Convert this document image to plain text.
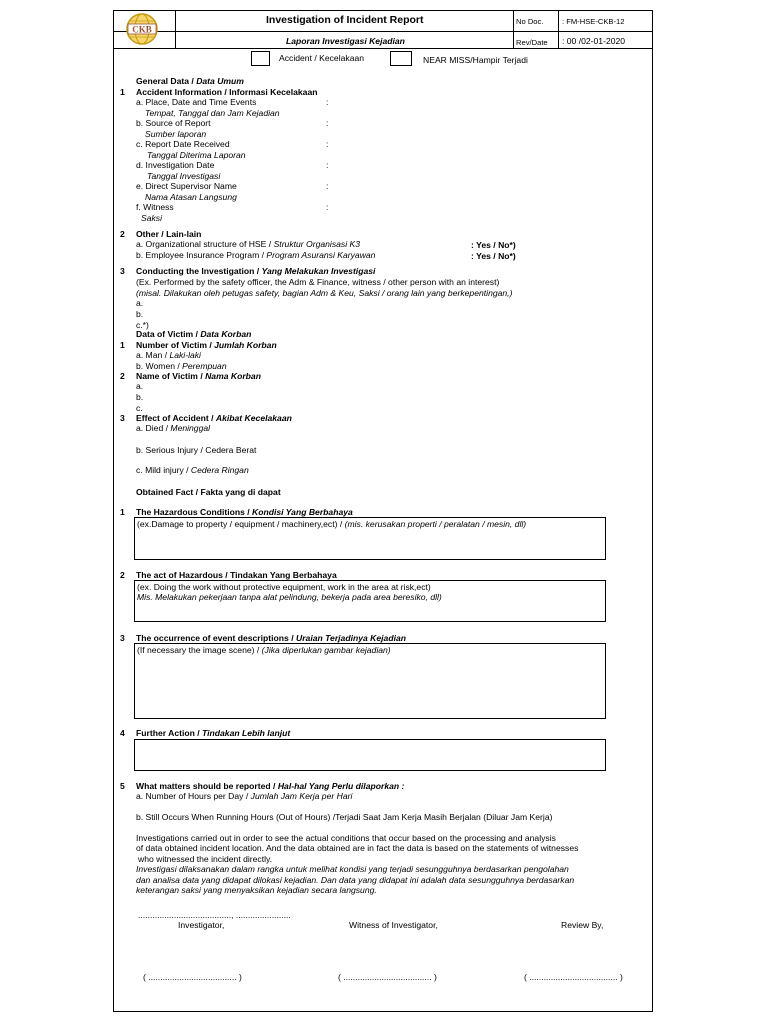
CKB
Investigation of Incident Report
Laporan Investigasi Kejadian
No Doc. : FM-HSE-CKB-12
Rev/Date : 00 /02-01-2020
Accident / Kecelakaan	NEAR MISS/Hampir Terjadi
General Data / Data Umum
1 Accident Information / Informasi Kecelakaan
a. Place, Date and Time Events	:
Tempat, Tanggal dan Jam Kejadian
b. Source of Report	:
Sumber laporan
c. Report Date Received	:
Tanggal Diterima Laporan
d. Investigation Date	:
Tanggal Investigasi
e. Direct Supervisor Name	:
Nama Atasan Langsung
f. Witness	:
Saksi
2 Other / Lain-lain
a. Organizational structure of HSE / Struktur Organisasi K3	: Yes / No*)
b. Employee Insurance Program / Program Asuransi Karyawan	: Yes / No*)
3 Conducting the Investigation / Yang Melakukan Investigasi
(Ex. Performed by the safety officer, the Adm & Finance, witness / other person with an interest)
(misal. Dilakukan oleh petugas safety, bagian Adm & Keu, Saksi / orang lain yang berkepentingan,)
a.
b.
c.*)
Data of Victim / Data Korban
1 Number of Victim / Jumlah Korban
a. Man / Laki-laki
b. Women / Perempuan
2 Name of Victim / Nama Korban
a.
b.
c.
3 Effect of Accident / Akibat Kecelakaan
a. Died / Meninggal
b. Serious Injury / Cedera Berat
c. Mild injury / Cedera Ringan
Obtained Fact / Fakta yang di dapat
1 The Hazardous Conditions / Kondisi Yang Berbahaya
(ex.Damage to property / equipment / machinery,ect) / (mis. kerusakan properti / peralatan / mesin, dll)
2 The act of Hazardous / Tindakan Yang Berbahaya
(ex. Doing the work without protective equipment, work in the area at risk,ect)
Mis. Melakukan pekerjaan tanpa alat pelindung, bekerja pada area beresiko, dll)
3 The occurrence of event descriptions / Uraian Terjadinya Kejadian
(If necessary the image scene) / (Jika diperlukan gambar kejadian)
4 Further Action / Tindakan Lebih lanjut
5 What matters should be reported / Hal-hal Yang Perlu dilaporkan :
a. Number of Hours per Day / Jumlah Jam Kerja per Hari
b. Still Occurs When Running Hours (Out of Hours) /Terjadi Saat Jam Kerja Masih Berjalan (Diluar Jam Kerja)
Investigations carried out in order to see the actual conditions that occur based on the processing and analysis
of data obtained incident location. And the data obtained are in fact the data is based on the statements of witnesses
who witnessed the incident directly.
Investigasi dilaksanakan dalam rangka untuk melihat kondisi yang terjadi sesungguhnya berdasarkan pengolahan
dan analisa data yang didapat dilokasi kejadian. Dan data yang didapat ini adalah data sesungguhnya berdasarkan
keterangan saksi yang menyaksikan kejadian secara langsung.
......................................., .......................
Investigator,	Witness of Investigator,	Review By,
( ..................................... )	( ..................................... )	( ..................................... )
